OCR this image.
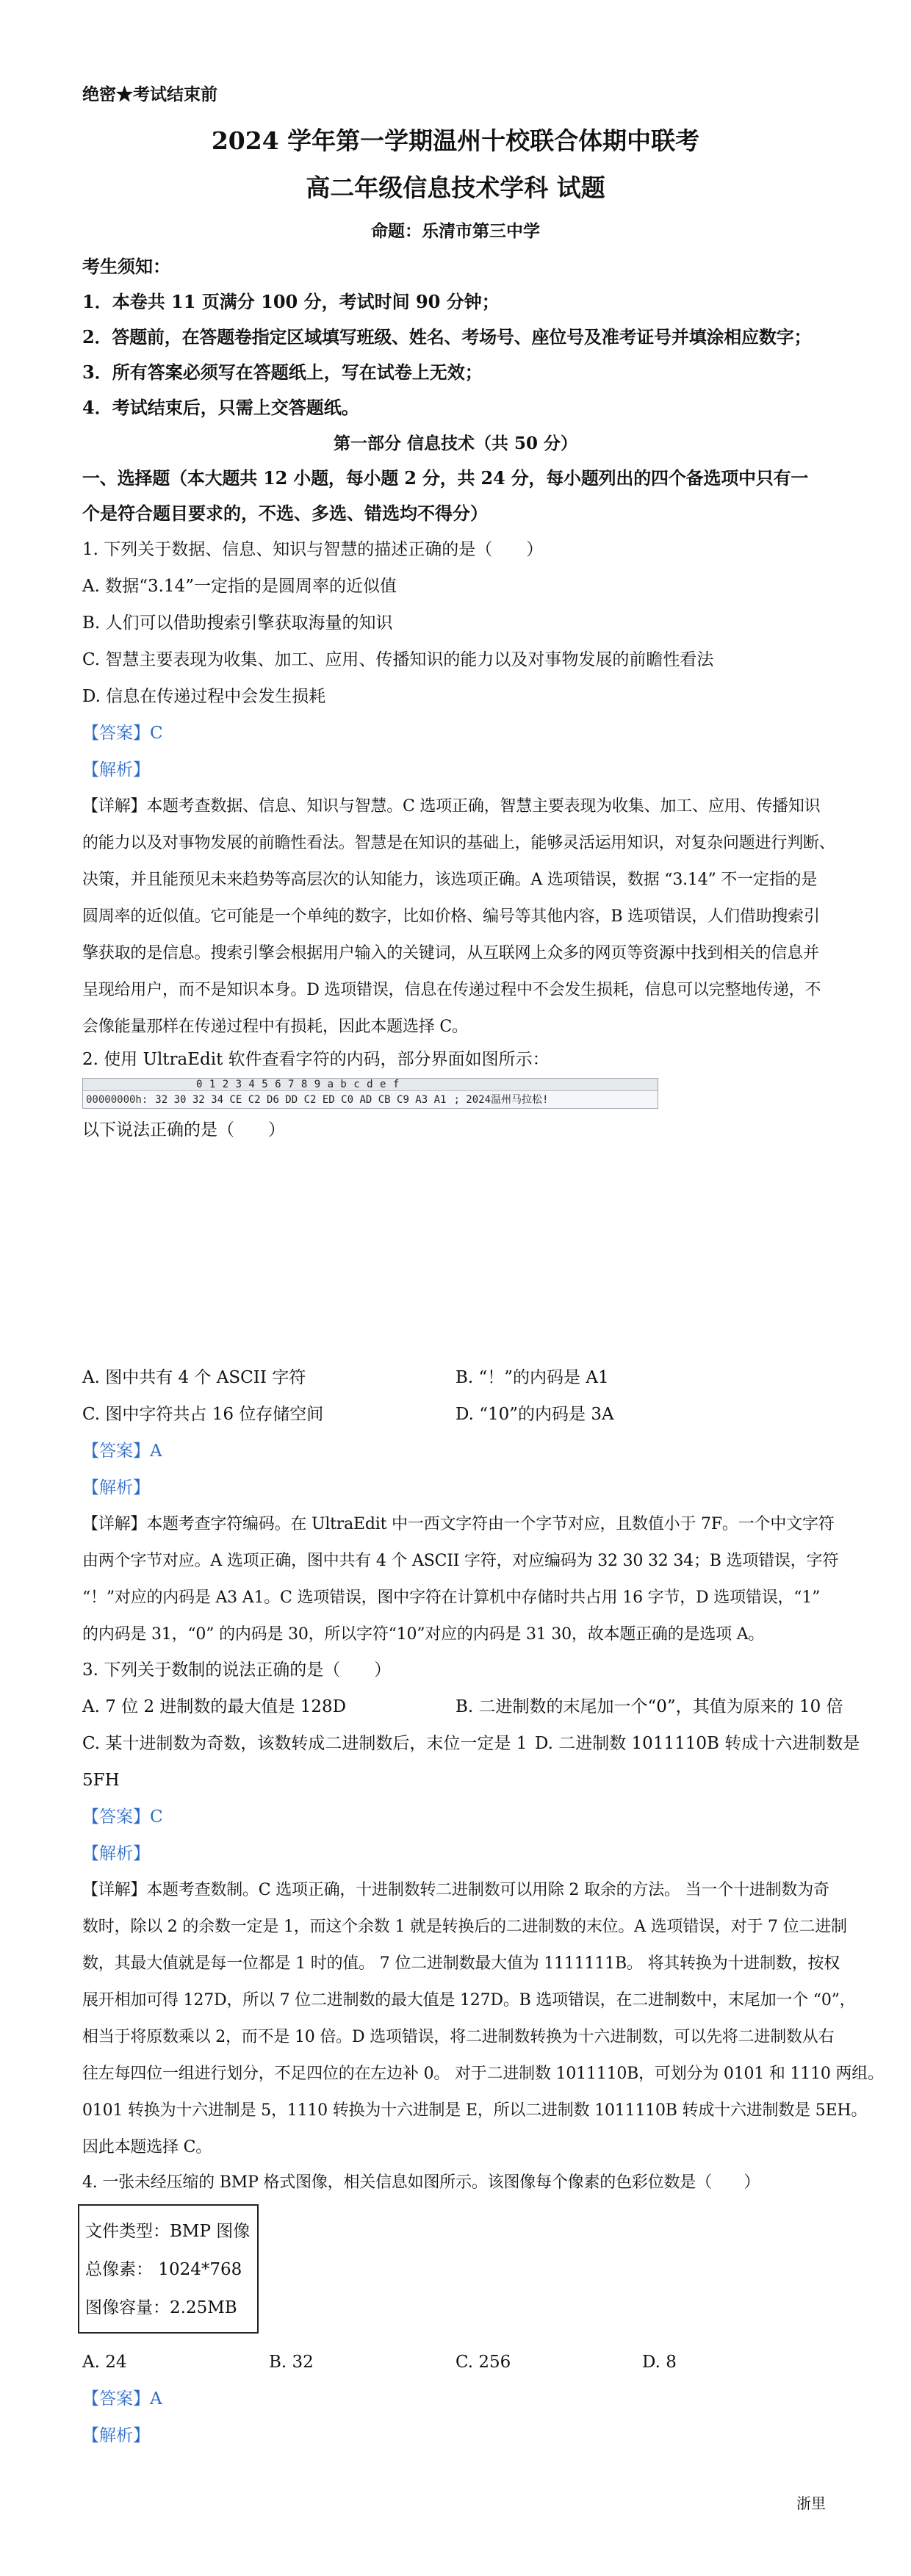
绝密★考试结束前
2024 学年第一学期温州十校联合体期中联考
高二年级信息技术学科 试题
命题：乐清市第三中学
考生须知：
1．本卷共 11 页满分 100 分，考试时间 90 分钟；
2．答题前，在答题卷指定区域填写班级、姓名、考场号、座位号及准考证号并填涂相应数字；
3．所有答案必须写在答题纸上，写在试卷上无效；
4．考试结束后，只需上交答题纸。
第一部分 信息技术（共 50 分）
一、选择题（本大题共 12 小题，每小题 2 分，共 24 分，每小题列出的四个备选项中只有一
个是符合题目要求的，不选、多选、错选均不得分）
1. 下列关于数据、信息、知识与智慧的描述正确的是（　　）
A. 数据“3.14”一定指的是圆周率的近似值
B. 人们可以借助搜索引擎获取海量的知识
C. 智慧主要表现为收集、加工、应用、传播知识的能力以及对事物发展的前瞻性看法
D. 信息在传递过程中会发生损耗
【答案】C
【解析】
【详解】本题考查数据、信息、知识与智慧。C 选项正确，智慧主要表现为收集、加工、应用、传播知识
的能力以及对事物发展的前瞻性看法。智慧是在知识的基础上，能够灵活运用知识，对复杂问题进行判断、
决策，并且能预见未来趋势等高层次的认知能力，该选项正确。A 选项错误，数据 “3.14” 不一定指的是
圆周率的近似值。它可能是一个单纯的数字，比如价格、编号等其他内容，B 选项错误，人们借助搜索引
擎获取的是信息。搜索引擎会根据用户输入的关键词，从互联网上众多的网页等资源中找到相关的信息并
呈现给用户，而不是知识本身。D 选项错误，信息在传递过程中不会发生损耗，信息可以完整地传递，不
会像能量那样在传递过程中有损耗，因此本题选择 C。
2. 使用 UltraEdit 软件查看字符的内码，部分界面如图所示：
0 1 2 3 4 5 6 7 8 9 a b c d e f
00000000h: 32 30 32 34 CE C2 D6 DD C2 ED C0 AD CB C9 A3 A1 ; 2024温州马拉松!
以下说法正确的是（　　）
A. 图中共有 4 个 ASCII 字符	B. “！”的内码是 A1
C. 图中字符共占 16 位存储空间	D. “10”的内码是 3A
【答案】A
【解析】
【详解】本题考查字符编码。在 UltraEdit 中一西文字符由一个字节对应，且数值小于 7F。一个中文字符
由两个字节对应。A 选项正确，图中共有 4 个 ASCII 字符，对应编码为 32 30 32 34；B 选项错误，字符
“！”对应的内码是 A3 A1。C 选项错误，图中字符在计算机中存储时共占用 16 字节，D 选项错误，“1”
的内码是 31，“0” 的内码是 30，所以字符“10”对应的内码是 31 30，故本题正确的是选项 A。
3. 下列关于数制的说法正确的是（　　）
A. 7 位 2 进制数的最大值是 128D	B. 二进制数的末尾加一个“0”，其值为原来的 10 倍
C. 某十进制数为奇数，该数转成二进制数后，末位一定是 1 D. 二进制数 1011110B 转成十六进制数是
5FH
【答案】C
【解析】
【详解】本题考查数制。C 选项正确，十进制数转二进制数可以用除 2 取余的方法。 当一个十进制数为奇
数时，除以 2 的余数一定是 1，而这个余数 1 就是转换后的二进制数的末位。A 选项错误，对于 7 位二进制
数，其最大值就是每一位都是 1 时的值。 7 位二进制数最大值为 1111111B。 将其转换为十进制数，按权
展开相加可得 127D，所以 7 位二进制数的最大值是 127D。B 选项错误，在二进制数中，末尾加一个 “0”，
相当于将原数乘以 2，而不是 10 倍。D 选项错误，将二进制数转换为十六进制数，可以先将二进制数从右
往左每四位一组进行划分，不足四位的在左边补 0。 对于二进制数 1011110B，可划分为 0101 和 1110 两组。
0101 转换为十六进制是 5，1110 转换为十六进制是 E，所以二进制数 1011110B 转成十六进制数是 5EH。
因此本题选择 C。
4. 一张未经压缩的 BMP 格式图像，相关信息如图所示。该图像每个像素的色彩位数是（　　）
文件类型：BMP 图像
总像素： 1024*768
图像容量：2.25MB
A. 24	B. 32	C. 256	D. 8
【答案】A
【解析】
浙里
